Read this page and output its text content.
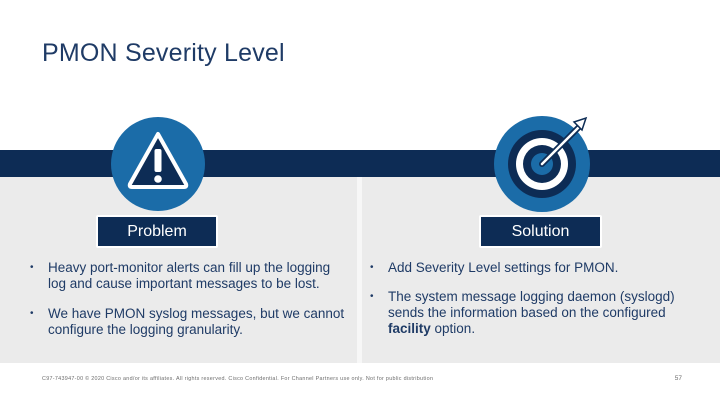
PMON Severity Level
Problem	Solution
• Heavy port-monitor alerts can fill up the logging log and cause important messages to be lost.
• We have PMON syslog messages, but we cannot configure the logging granularity.
• Add Severity Level settings for PMON.
• The system message logging daemon (syslogd) sends the information based on the configured facility option.
C97-743947-00 © 2020 Cisco and/or its affiliates. All rights reserved. Cisco Confidential. For Channel Partners use only. Not for public distribution	57
